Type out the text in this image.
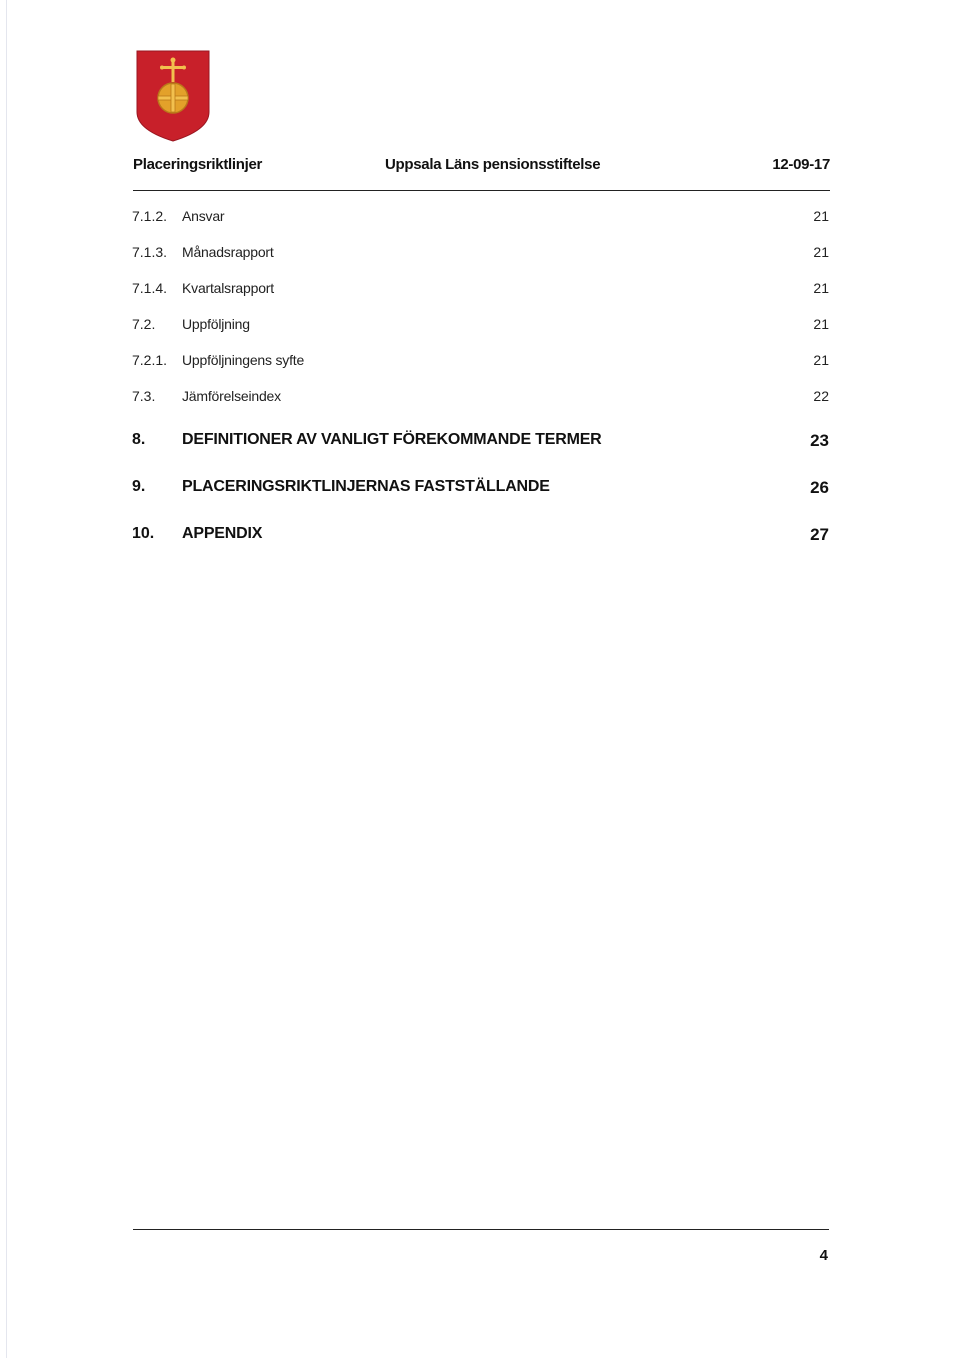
Placeringsriktlinjer	Uppsala Läns pensionsstiftelse	12-09-17
7.1.2. Ansvar	21
7.1.3. Månadsrapport	21
7.1.4. Kvartalsrapport	21
7.2. Uppföljning	21
7.2.1. Uppföljningens syfte	21
7.3. Jämförelseindex	22
8. DEFINITIONER AV VANLIGT FÖREKOMMANDE TERMER	23
9. PLACERINGSRIKTLINJERNAS FASTSTÄLLANDE	26
10. APPENDIX	27
4
